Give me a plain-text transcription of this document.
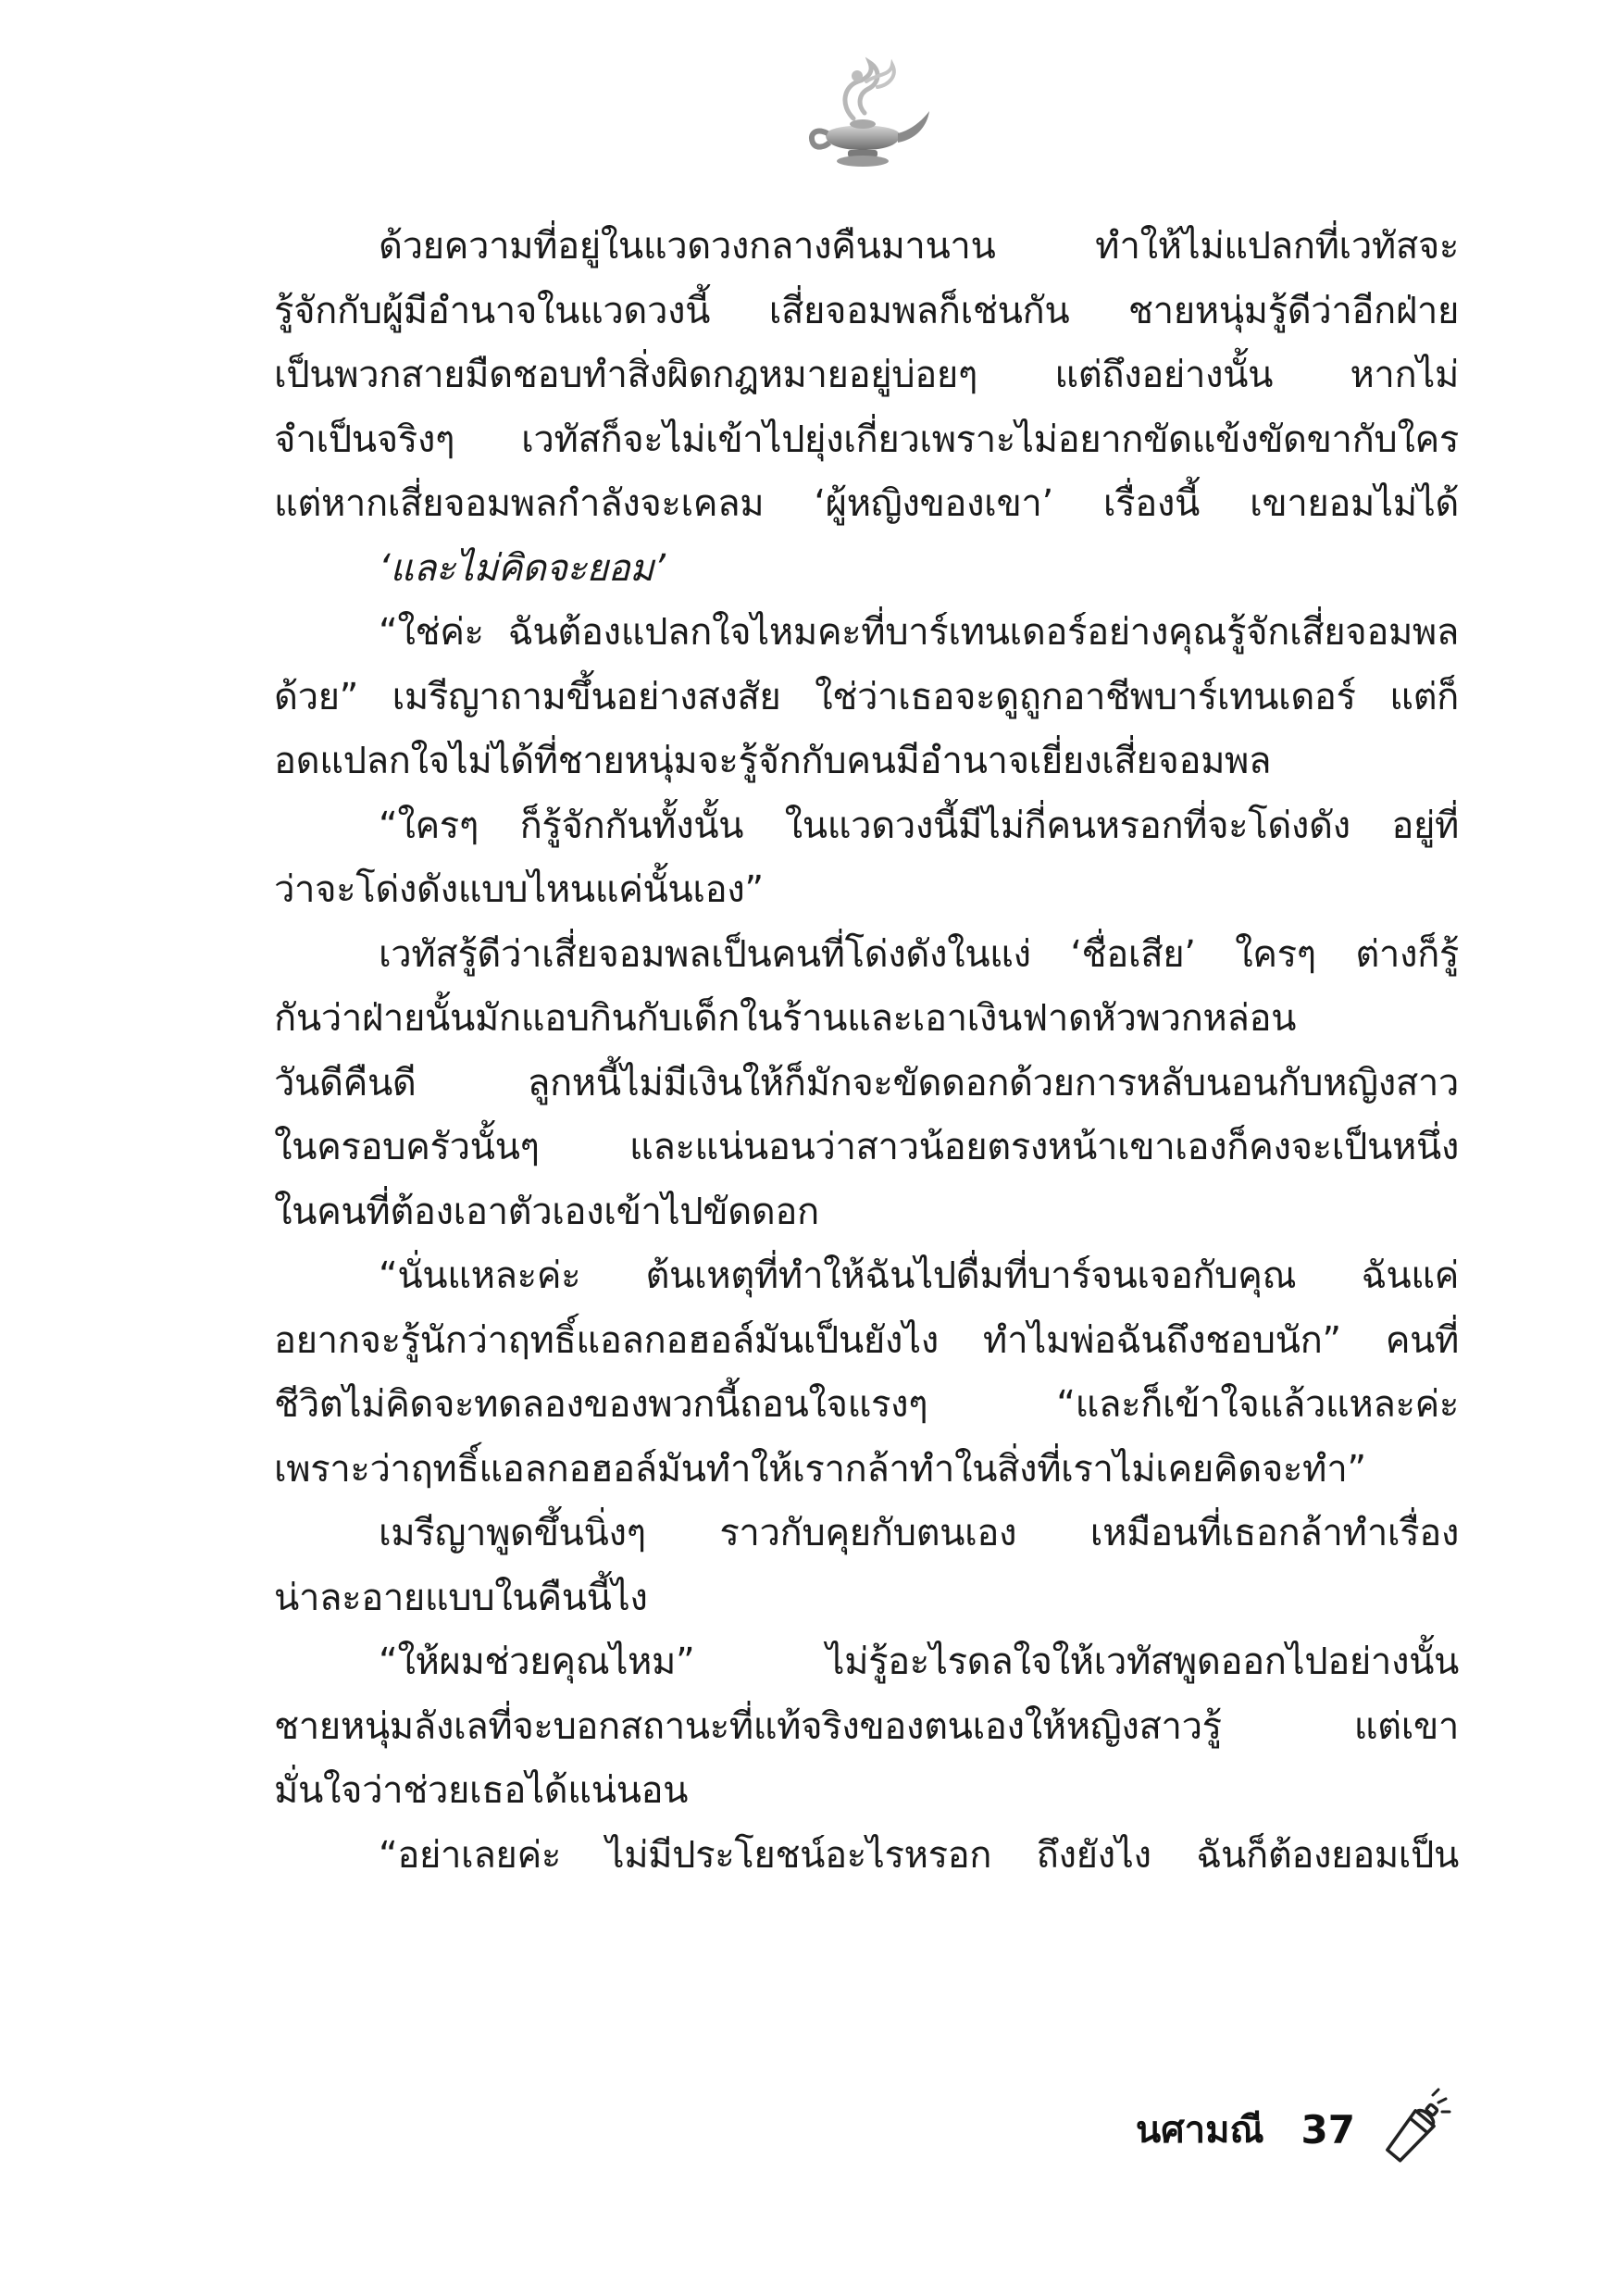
ด้วยความที่อยู่ในแวดวงกลางคืนมานาน ทำให้ไม่แปลกที่เวทัสจะ
รู้จักกับผู้มีอำนาจในแวดวงนี้ เสี่ยจอมพลก็เช่นกัน ชายหนุ่มรู้ดีว่าอีกฝ่าย
เป็นพวกสายมืดชอบทำสิ่งผิดกฎหมายอยู่บ่อยๆ แต่ถึงอย่างนั้น หากไม่
จำเป็นจริงๆ เวทัสก็จะไม่เข้าไปยุ่งเกี่ยวเพราะไม่อยากขัดแข้งขัดขากับใคร
แต่หากเสี่ยจอมพลกำลังจะเคลม ‘ผู้หญิงของเขา’ เรื่องนี้ เขายอมไม่ได้
‘และไม่คิดจะยอม’
“ใช่ค่ะ ฉันต้องแปลกใจไหมคะที่บาร์เทนเดอร์อย่างคุณรู้จักเสี่ยจอมพล
ด้วย” เมรีญาถามขึ้นอย่างสงสัย ใช่ว่าเธอจะดูถูกอาชีพบาร์เทนเดอร์ แต่ก็
อดแปลกใจไม่ได้ที่ชายหนุ่มจะรู้จักกับคนมีอำนาจเยี่ยงเสี่ยจอมพล
“ใครๆ ก็รู้จักกันทั้งนั้น ในแวดวงนี้มีไม่กี่คนหรอกที่จะโด่งดัง อยู่ที่
ว่าจะโด่งดังแบบไหนแค่นั้นเอง”
เวทัสรู้ดีว่าเสี่ยจอมพลเป็นคนที่โด่งดังในแง่ ‘ชื่อเสีย’ ใครๆ ต่างก็รู้
กันว่าฝ่ายนั้นมักแอบกินกับเด็กในร้านและเอาเงินฟาดหัวพวกหล่อน
วันดีคืนดี ลูกหนี้ไม่มีเงินให้ก็มักจะขัดดอกด้วยการหลับนอนกับหญิงสาว
ในครอบครัวนั้นๆ และแน่นอนว่าสาวน้อยตรงหน้าเขาเองก็คงจะเป็นหนึ่ง
ในคนที่ต้องเอาตัวเองเข้าไปขัดดอก
“นั่นแหละค่ะ ต้นเหตุที่ทำให้ฉันไปดื่มที่บาร์จนเจอกับคุณ ฉันแค่
อยากจะรู้นักว่าฤทธิ์แอลกอฮอล์มันเป็นยังไง ทำไมพ่อฉันถึงชอบนัก” คนที่
ชีวิตไม่คิดจะทดลองของพวกนี้ถอนใจแรงๆ “และก็เข้าใจแล้วแหละค่ะ
เพราะว่าฤทธิ์แอลกอฮอล์มันทำให้เรากล้าทำในสิ่งที่เราไม่เคยคิดจะทำ”
เมรีญาพูดขึ้นนิ่งๆ ราวกับคุยกับตนเอง เหมือนที่เธอกล้าทำเรื่อง
น่าละอายแบบในคืนนี้ไง
“ให้ผมช่วยคุณไหม” ไม่รู้อะไรดลใจให้เวทัสพูดออกไปอย่างนั้น
ชายหนุ่มลังเลที่จะบอกสถานะที่แท้จริงของตนเองให้หญิงสาวรู้ แต่เขา
มั่นใจว่าช่วยเธอได้แน่นอน
“อย่าเลยค่ะ ไม่มีประโยชน์อะไรหรอก ถึงยังไง ฉันก็ต้องยอมเป็น
นศามณี 37
